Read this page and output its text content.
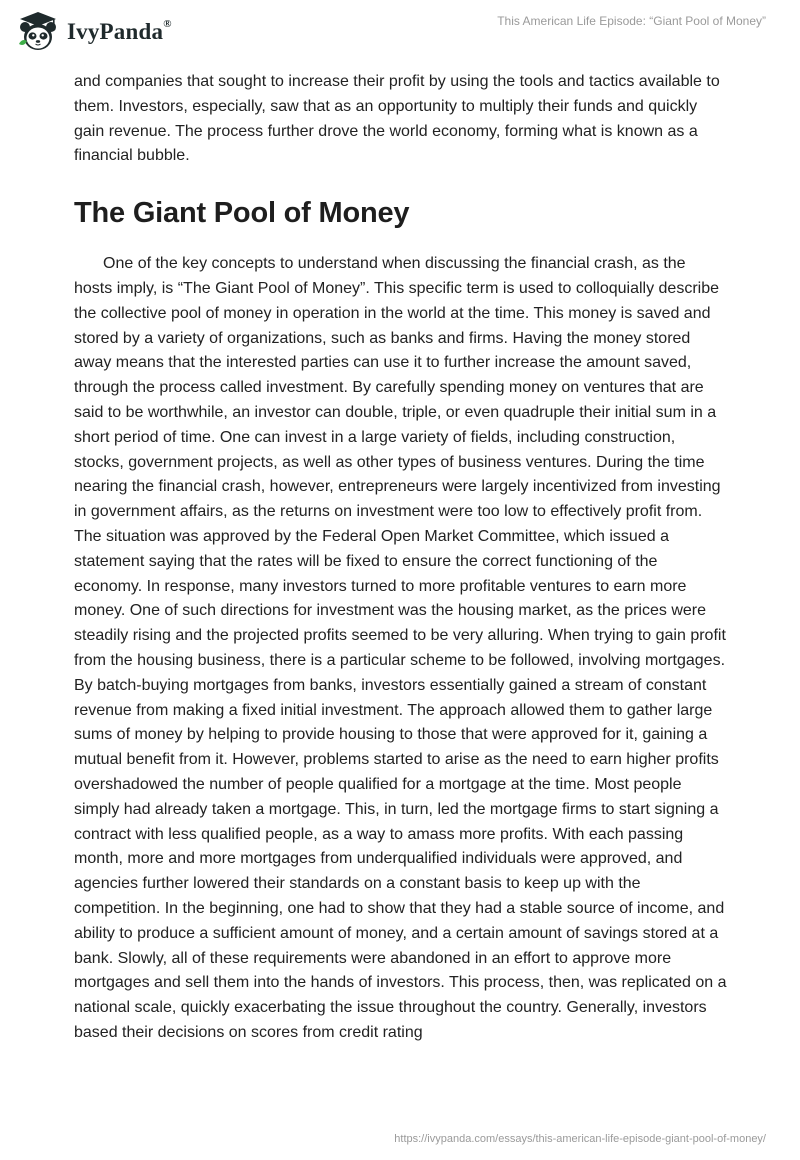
IvyPanda®	This American Life Episode: “Giant Pool of Money”

and companies that sought to increase their profit by using the tools and tactics available to them. Investors, especially, saw that as an opportunity to multiply their funds and quickly gain revenue. The process further drove the world economy, forming what is known as a financial bubble.

The Giant Pool of Money

One of the key concepts to understand when discussing the financial crash, as the hosts imply, is “The Giant Pool of Money”. This specific term is used to colloquially describe the collective pool of money in operation in the world at the time. This money is saved and stored by a variety of organizations, such as banks and firms. Having the money stored away means that the interested parties can use it to further increase the amount saved, through the process called investment. By carefully spending money on ventures that are said to be worthwhile, an investor can double, triple, or even quadruple their initial sum in a short period of time. One can invest in a large variety of fields, including construction, stocks, government projects, as well as other types of business ventures. During the time nearing the financial crash, however, entrepreneurs were largely incentivized from investing in government affairs, as the returns on investment were too low to effectively profit from. The situation was approved by the Federal Open Market Committee, which issued a statement saying that the rates will be fixed to ensure the correct functioning of the economy. In response, many investors turned to more profitable ventures to earn more money. One of such directions for investment was the housing market, as the prices were steadily rising and the projected profits seemed to be very alluring. When trying to gain profit from the housing business, there is a particular scheme to be followed, involving mortgages. By batch-buying mortgages from banks, investors essentially gained a stream of constant revenue from making a fixed initial investment. The approach allowed them to gather large sums of money by helping to provide housing to those that were approved for it, gaining a mutual benefit from it. However, problems started to arise as the need to earn higher profits overshadowed the number of people qualified for a mortgage at the time. Most people simply had already taken a mortgage. This, in turn, led the mortgage firms to start signing a contract with less qualified people, as a way to amass more profits. With each passing month, more and more mortgages from underqualified individuals were approved, and agencies further lowered their standards on a constant basis to keep up with the competition. In the beginning, one had to show that they had a stable source of income, and ability to produce a sufficient amount of money, and a certain amount of savings stored at a bank. Slowly, all of these requirements were abandoned in an effort to approve more mortgages and sell them into the hands of investors. This process, then, was replicated on a national scale, quickly exacerbating the issue throughout the country. Generally, investors based their decisions on scores from credit rating

https://ivypanda.com/essays/this-american-life-episode-giant-pool-of-money/
